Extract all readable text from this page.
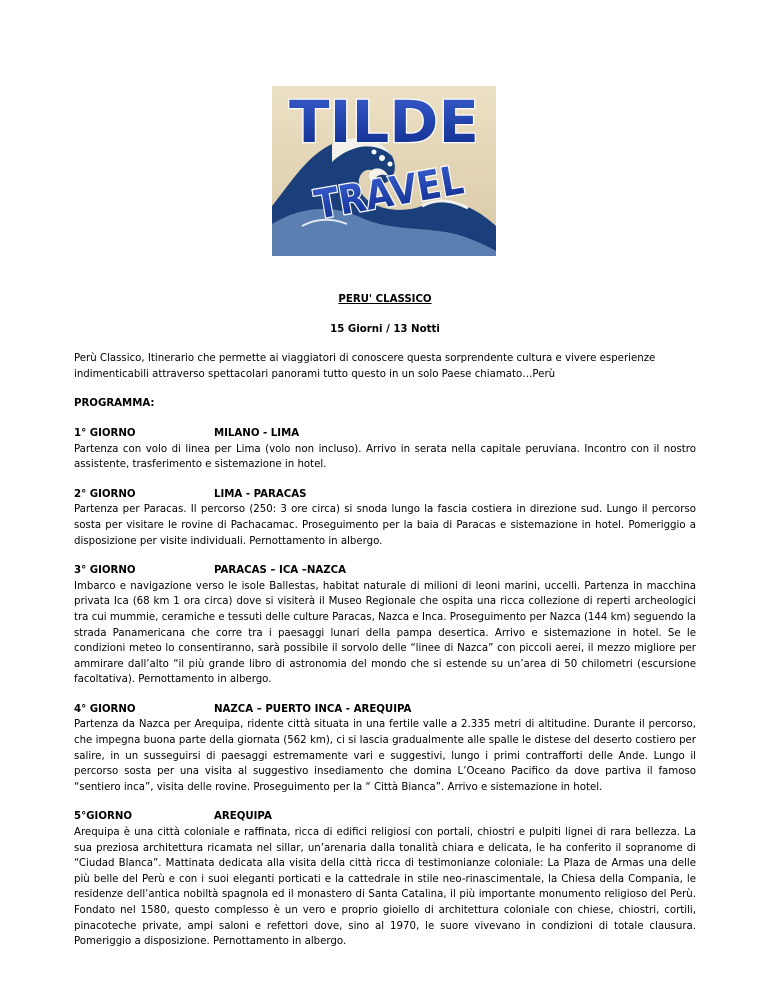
TILDE
TRAVEL

PERU' CLASSICO

15 Giorni / 13 Notti

Perù Classico, Itinerario che permette ai viaggiatori di conoscere questa sorprendente cultura e vivere esperienze indimenticabili attraverso spettacolari panorami tutto questo in un solo Paese chiamato…Perù

PROGRAMMA:

1° GIORNO	MILANO - LIMA

Partenza con volo di linea per Lima (volo non incluso). Arrivo in serata nella capitale peruviana. Incontro con il nostro assistente, trasferimento e sistemazione in hotel.

2° GIORNO	LIMA - PARACAS

Partenza per Paracas. Il percorso (250: 3 ore circa) si snoda lungo la fascia costiera in direzione sud. Lungo il percorso sosta per visitare le rovine di Pachacamac. Proseguimento per la baia di Paracas e sistemazione in hotel. Pomeriggio a disposizione per visite individuali. Pernottamento in albergo.

3° GIORNO	PARACAS – ICA –NAZCA

Imbarco e navigazione verso le isole Ballestas, habitat naturale di milioni di leoni marini, uccelli. Partenza in macchina privata Ica (68 km 1 ora circa) dove si visiterà il Museo Regionale che ospita una ricca collezione di reperti archeologici tra cui mummie, ceramiche e tessuti delle culture Paracas, Nazca e Inca. Proseguimento per Nazca (144 km) seguendo la strada Panamericana che corre tra i paesaggi lunari della pampa desertica. Arrivo e sistemazione in hotel. Se le condizioni meteo lo consentiranno, sarà possibile il sorvolo delle “linee di Nazca” con piccoli aerei, il mezzo migliore per ammirare dall’alto “il più grande libro di astronomia del mondo che si estende su un’area di 50 chilometri (escursione facoltativa). Pernottamento in albergo.

4° GIORNO	NAZCA – PUERTO INCA - AREQUIPA

Partenza da Nazca per Arequipa, ridente città situata in una fertile valle a 2.335 metri di altitudine. Durante il percorso, che impegna buona parte della giornata (562 km), ci si lascia gradualmente alle spalle le distese del deserto costiero per salire, in un susseguirsi di paesaggi estremamente vari e suggestivi, lungo i primi contrafforti delle Ande. Lungo il percorso sosta per una visita al suggestivo insediamento che domina L’Oceano Pacifico da dove partiva il famoso “sentiero inca”, visita delle rovine. Proseguimento per la “ Città Bianca”. Arrivo e sistemazione in hotel.

5°GIORNO	AREQUIPA

Arequipa è una città coloniale e raffinata, ricca di edifici religiosi con portali, chiostri e pulpiti lignei di rara bellezza. La sua preziosa architettura ricamata nel sillar, un’arenaria dalla tonalità chiara e delicata, le ha conferito il sopranome di “Ciudad Blanca”. Mattinata dedicata alla visita della città ricca di testimonianze coloniale: La Plaza de Armas una delle più belle del Perù e con i suoi eleganti porticati e la cattedrale in stile neo-rinascimentale, la Chiesa della Compania, le residenze dell’antica nobiltà spagnola ed il monastero di Santa Catalina, il più importante monumento religioso del Perù. Fondato nel 1580, questo complesso è un vero e proprio gioiello di architettura coloniale con chiese, chiostri, cortili, pinacoteche private, ampi saloni e refettori dove, sino al 1970, le suore vivevano in condizioni di totale clausura. Pomeriggio a disposizione. Pernottamento in albergo.
